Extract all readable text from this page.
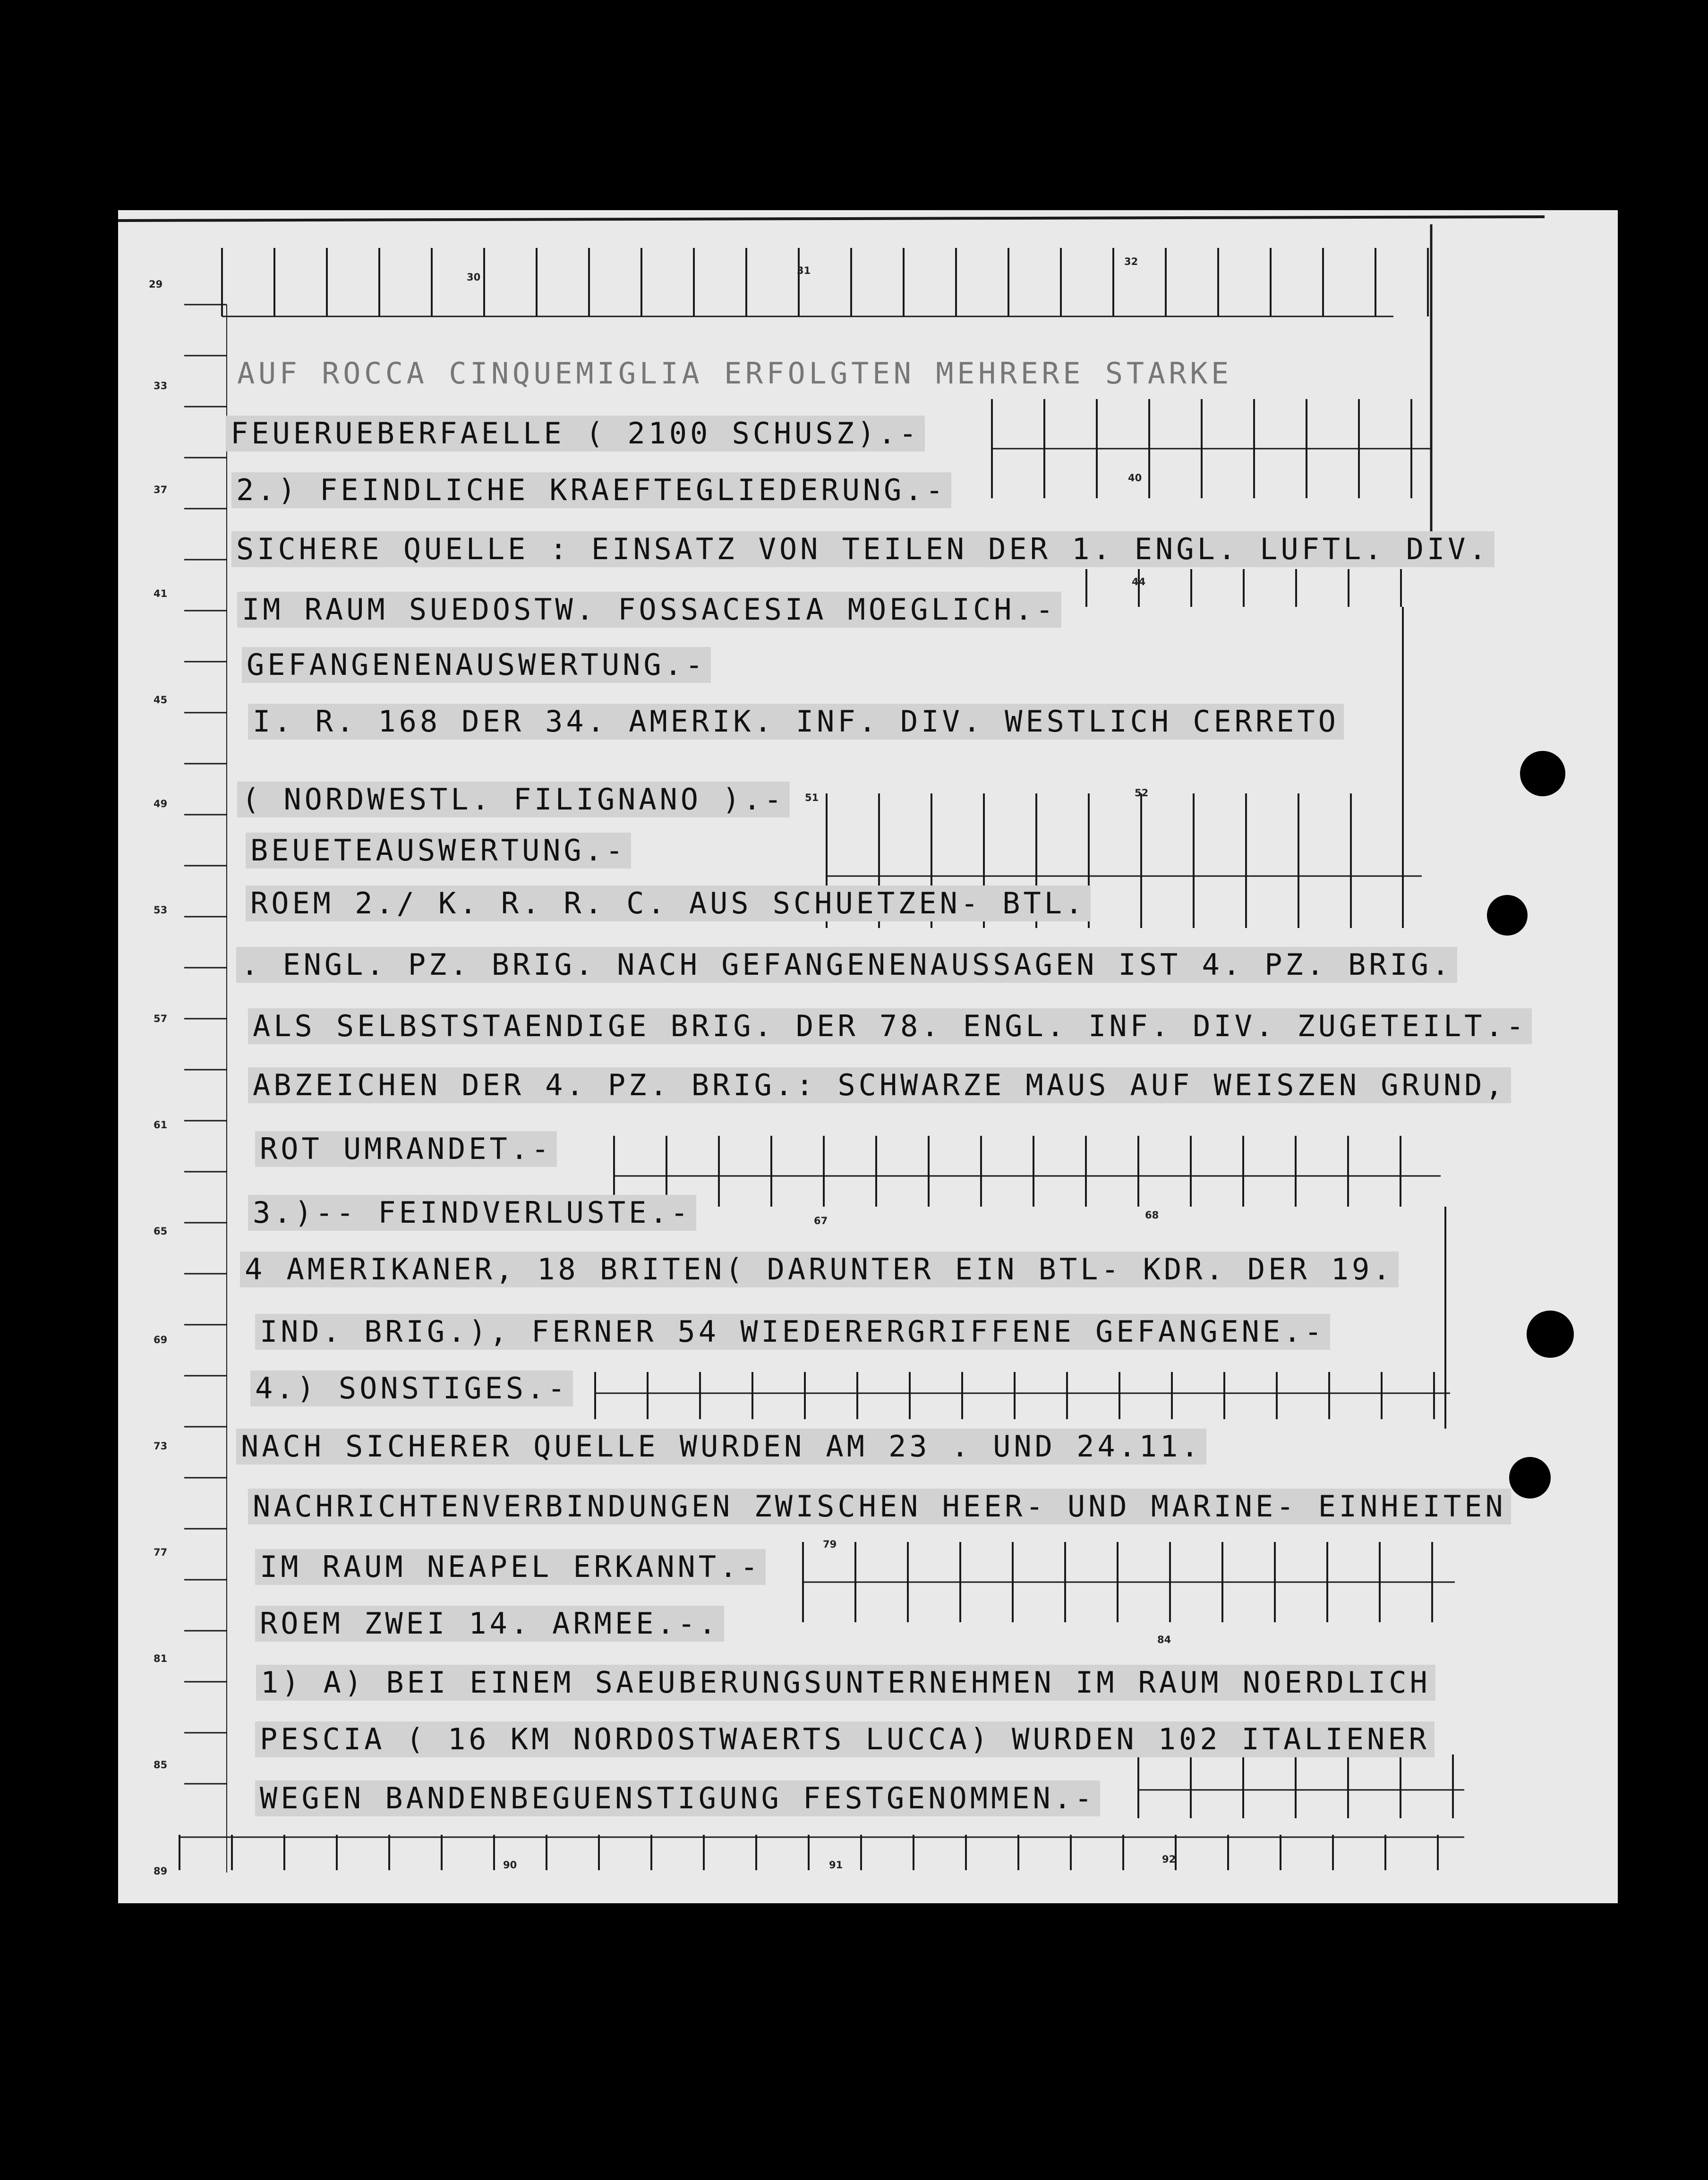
29
33
37
41
45
49
53
57
61
65
69
73
77
81
85
89
30
31
32
40
44
51	52
67	68
79
84
90	91	92
AUF ROCCA CINQUEMIGLIA ERFOLGTEN MEHRERE STARKE
FEUERUEBERFAELLE ( 2100 SCHUSZ).-
2.) FEINDLICHE KRAEFTEGLIEDERUNG.-
SICHERE QUELLE : EINSATZ VON TEILEN DER 1. ENGL. LUFTL. DIV.
IM RAUM SUEDOSTW. FOSSACESIA MOEGLICH.-
GEFANGENENAUSWERTUNG.-
I. R. 168 DER 34. AMERIK. INF. DIV. WESTLICH CERRETO
( NORDWESTL. FILIGNANO ).-
BEUETEAUSWERTUNG.-
ROEM 2./ K. R. R. C. AUS SCHUETZEN- BTL.
. ENGL. PZ. BRIG. NACH GEFANGENENAUSSAGEN IST 4. PZ. BRIG.
ALS SELBSTSTAENDIGE BRIG. DER 78. ENGL. INF. DIV. ZUGETEILT.-
ABZEICHEN DER 4. PZ. BRIG.: SCHWARZE MAUS AUF WEISZEN GRUND,
ROT UMRANDET.-
3.)-- FEINDVERLUSTE.-
4 AMERIKANER, 18 BRITEN( DARUNTER EIN BTL- KDR. DER 19.
IND. BRIG.), FERNER 54 WIEDERERGRIFFENE GEFANGENE.-
4.) SONSTIGES.-
NACH SICHERER QUELLE WURDEN AM 23 . UND 24.11.
NACHRICHTENVERBINDUNGEN ZWISCHEN HEER- UND MARINE- EINHEITEN
IM RAUM NEAPEL ERKANNT.-
ROEM ZWEI 14. ARMEE.-.
1) A) BEI EINEM SAEUBERUNGSUNTERNEHMEN IM RAUM NOERDLICH
PESCIA ( 16 KM NORDOSTWAERTS LUCCA) WURDEN 102 ITALIENER
WEGEN BANDENBEGUENSTIGUNG FESTGENOMMEN.-
27
